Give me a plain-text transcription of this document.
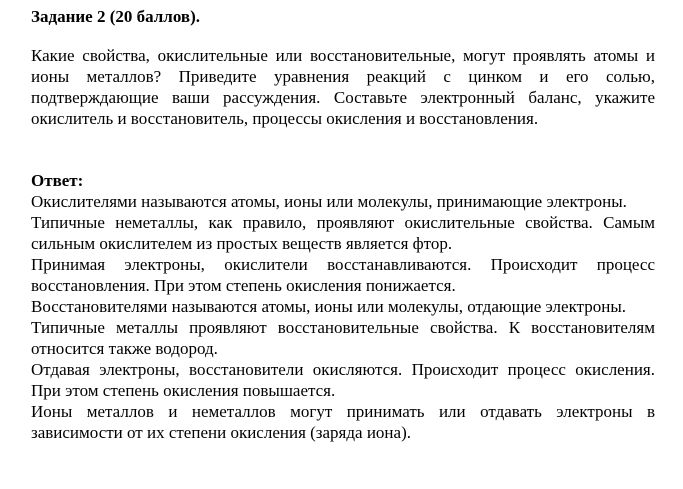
Задание 2 (20 баллов).

Какие свойства, окислительные или восстановительные, могут проявлять атомы и ионы металлов? Приведите уравнения реакций с цинком и его солью, подтверждающие ваши рассуждения. Составьте электронный баланс, укажите окислитель и восстановитель, процессы окисления и восстановления.

Ответ:

Окислителями называются атомы, ионы или молекулы, принимающие электроны.

Типичные неметаллы, как правило, проявляют окислительные свойства. Самым сильным окислителем из простых веществ является фтор.

Принимая электроны, окислители восстанавливаются. Происходит процесс восстановления. При этом степень окисления понижается.

Восстановителями называются атомы, ионы или молекулы, отдающие электроны.

Типичные металлы проявляют восстановительные свойства. К восстановителям относится также водород.

Отдавая электроны, восстановители окисляются. Происходит процесс окисления. При этом степень окисления повышается.

Ионы металлов и неметаллов могут принимать или отдавать электроны в зависимости от их степени окисления (заряда иона).
